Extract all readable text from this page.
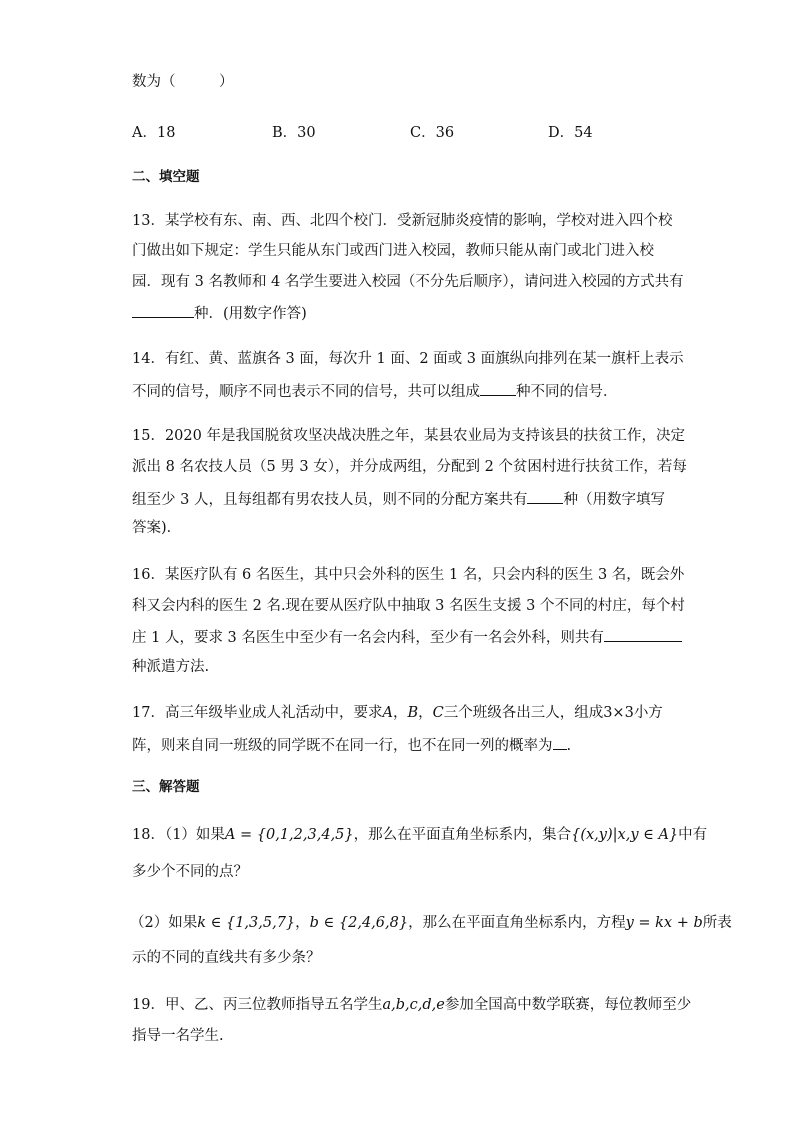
数为（　　　）
A．18	B．30	C．36	D．54
二、填空题
13．某学校有东、南、西、北四个校门．受新冠肺炎疫情的影响，学校对进入四个校
门做出如下规定：学生只能从东门或西门进入校园，教师只能从南门或北门进入校
园．现有 3 名教师和 4 名学生要进入校园（不分先后顺序），请问进入校园的方式共有
种．(用数字作答)
14．有红、黄、蓝旗各 3 面，每次升 1 面、2 面或 3 面旗纵向排列在某一旗杆上表示
不同的信号，顺序不同也表示不同的信号，共可以组成 种不同的信号．
15．2020 年是我国脱贫攻坚决战决胜之年，某县农业局为支持该县的扶贫工作，决定
派出 8 名农技人员（5 男 3 女），并分成两组，分配到 2 个贫困村进行扶贫工作，若每
组至少 3 人，且每组都有男农技人员，则不同的分配方案共有 种（用数字填写
答案)．
16．某医疗队有 6 名医生，其中只会外科的医生 1 名，只会内科的医生 3 名，既会外
科又会内科的医生 2 名.现在要从医疗队中抽取 3 名医生支援 3 个不同的村庄，每个村
庄 1 人，要求 3 名医生中至少有一名会内科，至少有一名会外科，则共有
种派遣方法.
17．高三年级毕业成人礼活动中，要求A，B，C三个班级各出三人，组成3×3小方
阵，则来自同一班级的同学既不在同一行，也不在同一列的概率为 .
三、解答题
18．（1）如果A = {0,1,2,3,4,5}，那么在平面直角坐标系内，集合{(x,y)|x,y ∈ A}中有
多少个不同的点？
（2）如果k ∈ {1,3,5,7}，b ∈ {2,4,6,8}，那么在平面直角坐标系内，方程y = kx + b所表
示的不同的直线共有多少条？
19．甲、乙、丙三位教师指导五名学生a,b,c,d,e参加全国高中数学联赛，每位教师至少
指导一名学生.
